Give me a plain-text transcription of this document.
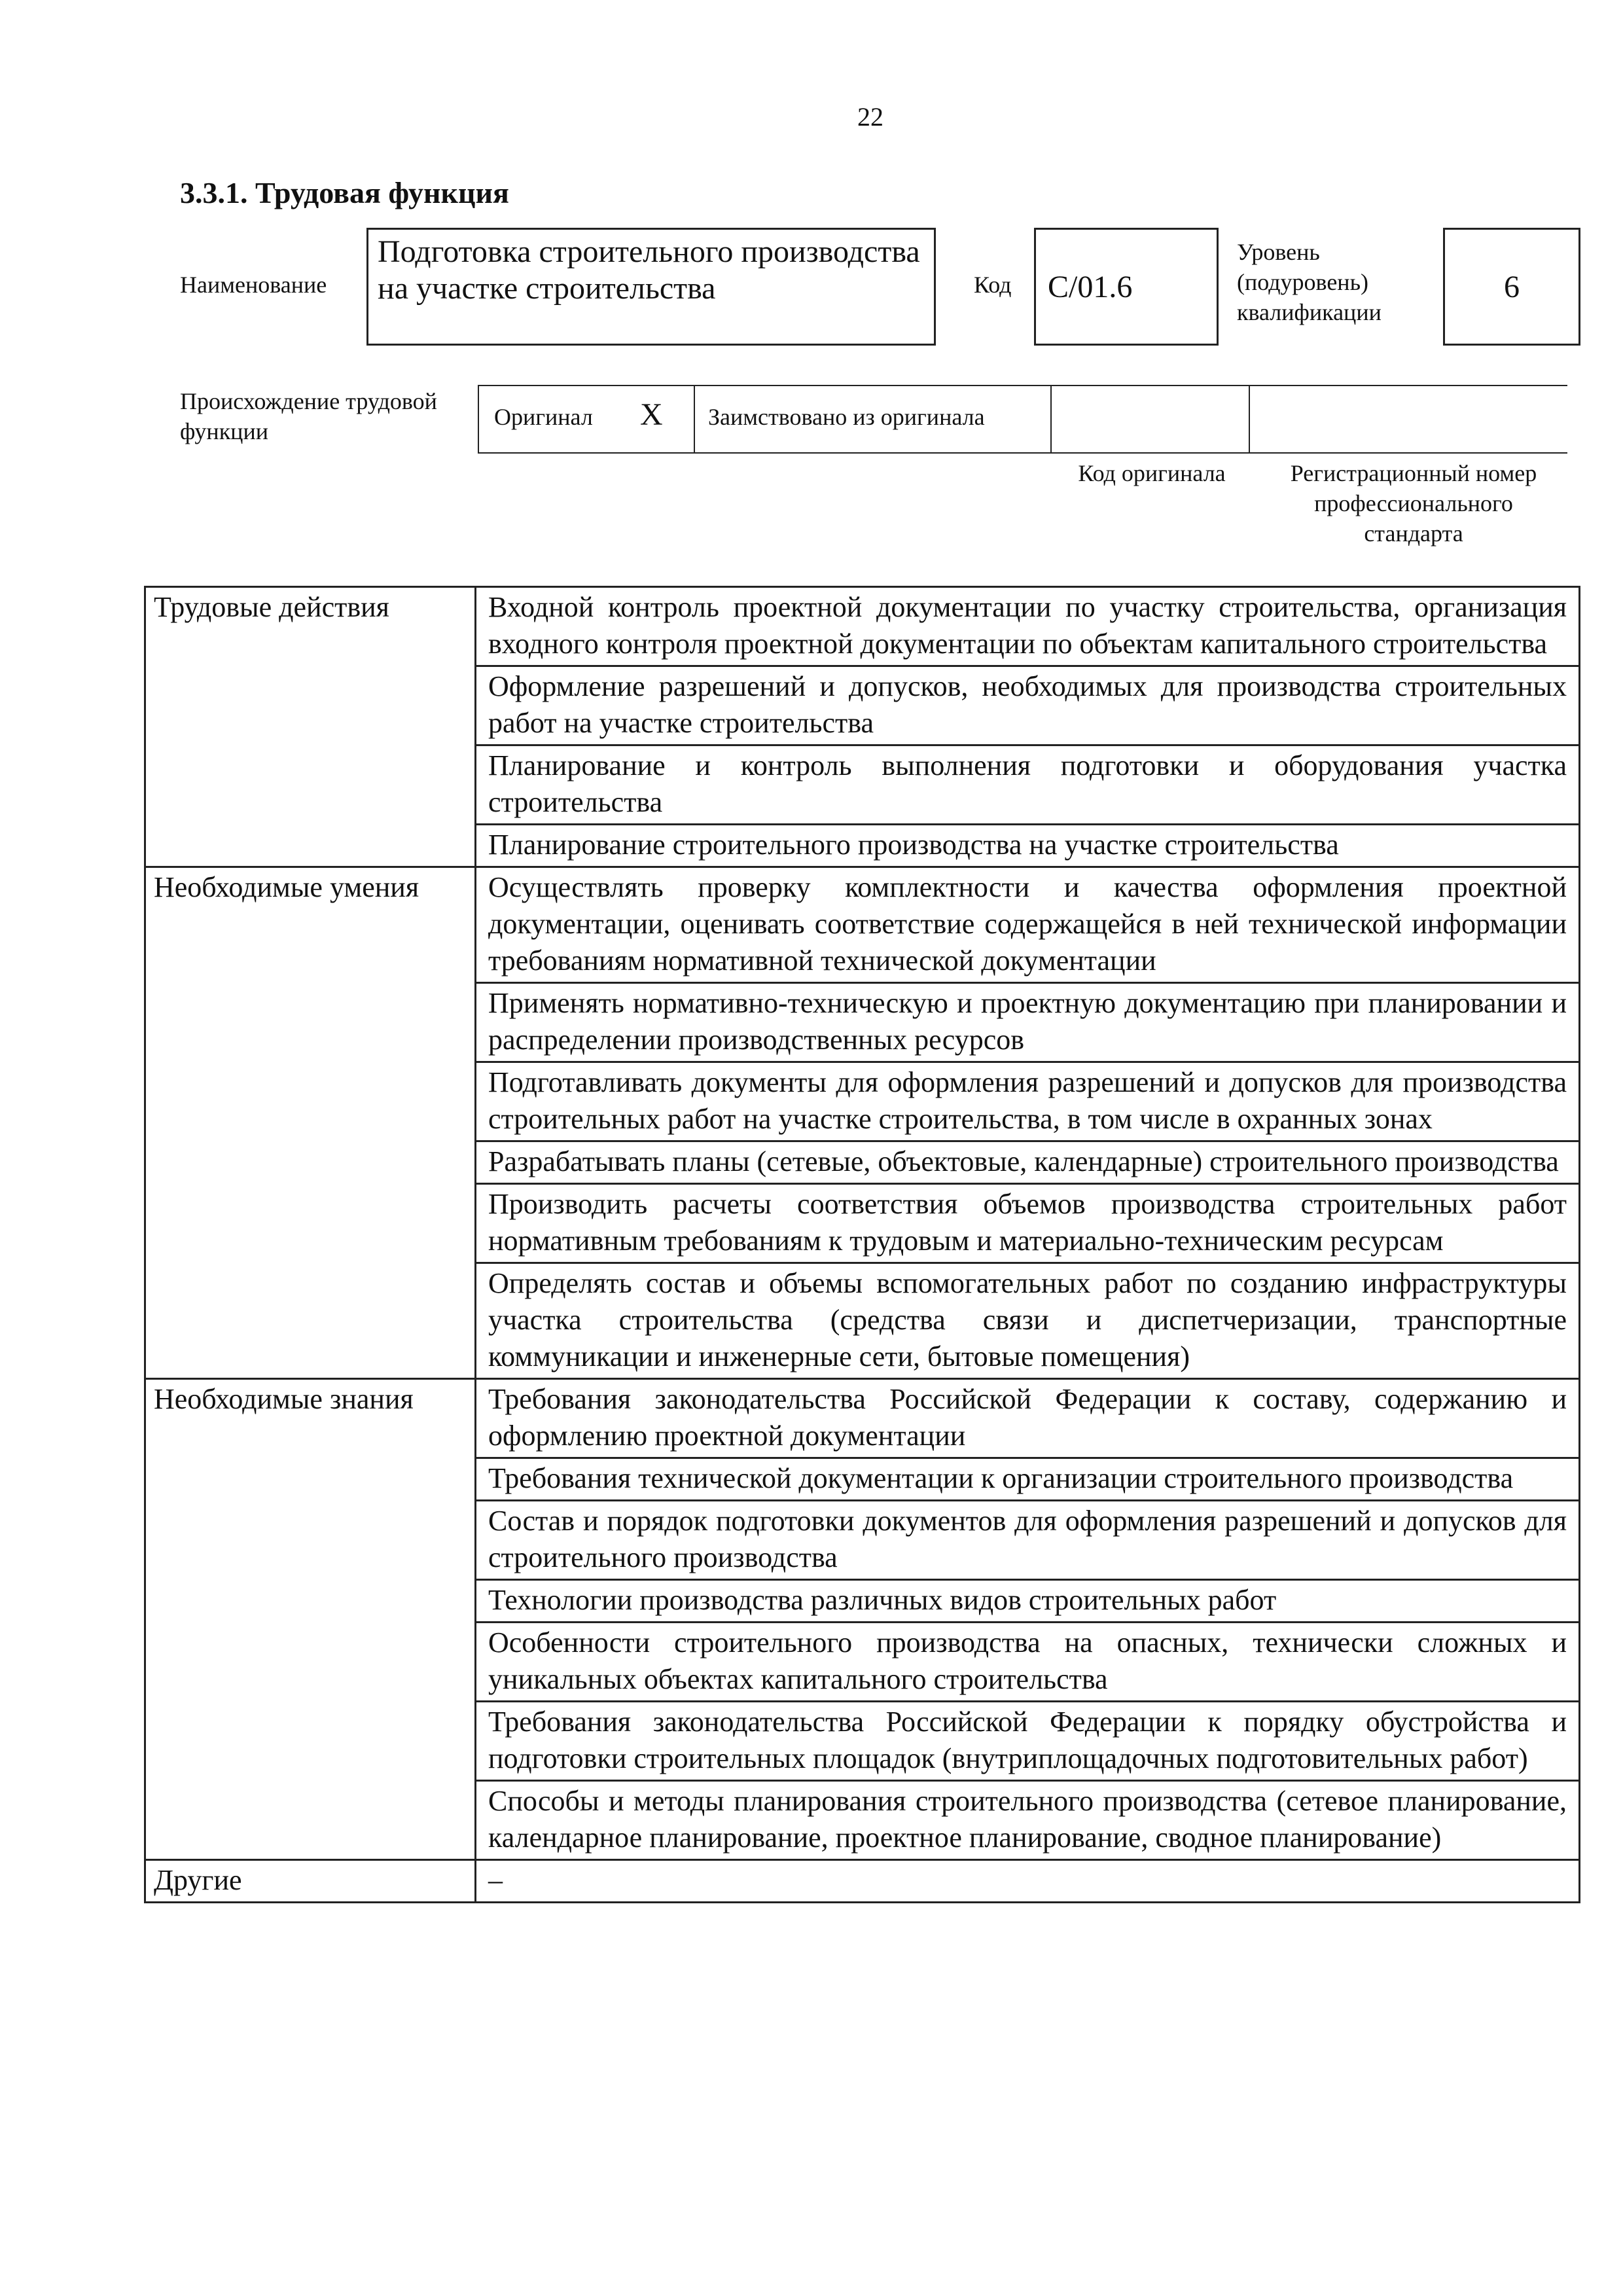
22
3.3.1. Трудовая функция
Наименование
Подготовка строительного производства на участке строительства	Код С/01.6
Уровень (подуровень) квалификации
6
Происхождение трудовой функции
Оригинал Х Заимствовано из оригинала
Код оригинала	Регистрационный номер профессионального стандарта
Трудовые действия	Входной контроль проектной документации по участку строительства, организация входного контроля проектной документации по объектам капитального строительства
	Оформление разрешений и допусков, необходимых для производства строительных работ на участке строительства
	Планирование и контроль выполнения подготовки и оборудования участка строительства
	Планирование строительного производства на участке строительства
Необходимые умения	Осуществлять проверку комплектности и качества оформления проектной документации, оценивать соответствие содержащейся в ней технической информации требованиям нормативной технической документации
	Применять нормативно-техническую и проектную документацию при планировании и распределении производственных ресурсов
	Подготавливать документы для оформления разрешений и допусков для производства строительных работ на участке строительства, в том числе в охранных зонах
	Разрабатывать планы (сетевые, объектовые, календарные) строительного производства
	Производить расчеты соответствия объемов производства строительных работ нормативным требованиям к трудовым и материально-техническим ресурсам
	Определять состав и объемы вспомогательных работ по созданию инфраструктуры участка строительства (средства связи и диспетчеризации, транспортные коммуникации и инженерные сети, бытовые помещения)
Необходимые знания	Требования законодательства Российской Федерации к составу, содержанию и оформлению проектной документации
	Требования технической документации к организации строительного производства
	Состав и порядок подготовки документов для оформления разрешений и допусков для строительного производства
	Технологии производства различных видов строительных работ
	Особенности строительного производства на опасных, технически сложных и уникальных объектах капитального строительства
	Требования законодательства Российской Федерации к порядку обустройства и подготовки строительных площадок (внутриплощадочных подготовительных работ)
	Способы и методы планирования строительного производства (сетевое планирование, календарное планирование, проектное планирование, сводное планирование)
Другие	–
